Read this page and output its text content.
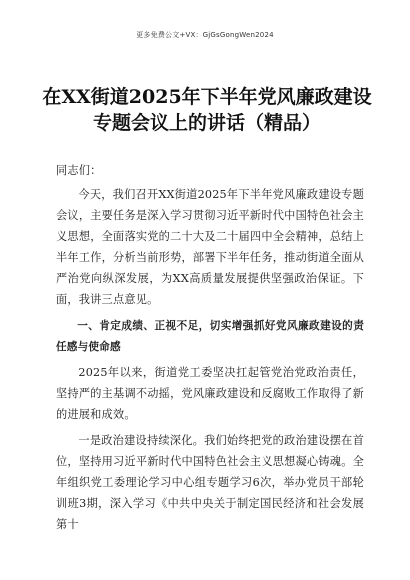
更多免费公文+VX：GjGsGongWen2024
在XX街道2025年下半年党风廉政建设专题会议上的讲话（精品）
同志们：
今天，我们召开XX街道2025年下半年党风廉政建设专题会议，主要任务是深入学习贯彻习近平新时代中国特色社会主义思想，全面落实党的二十大及二十届四中全会精神，总结上半年工作，分析当前形势，部署下半年任务，推动街道全面从严治党向纵深发展，为XX高质量发展提供坚强政治保证。下面，我讲三点意见。
一、肯定成绩、正视不足，切实增强抓好党风廉政建设的责任感与使命感
2025年以来，街道党工委坚决扛起管党治党政治责任，坚持严的主基调不动摇，党风廉政建设和反腐败工作取得了新的进展和成效。
一是政治建设持续深化。我们始终把党的政治建设摆在首位，坚持用习近平新时代中国特色社会主义思想凝心铸魂。全年组织党工委理论学习中心组专题学习6次，举办党员干部轮训班3期，深入学习《中共中央关于制定国民经济和社会发展第十
